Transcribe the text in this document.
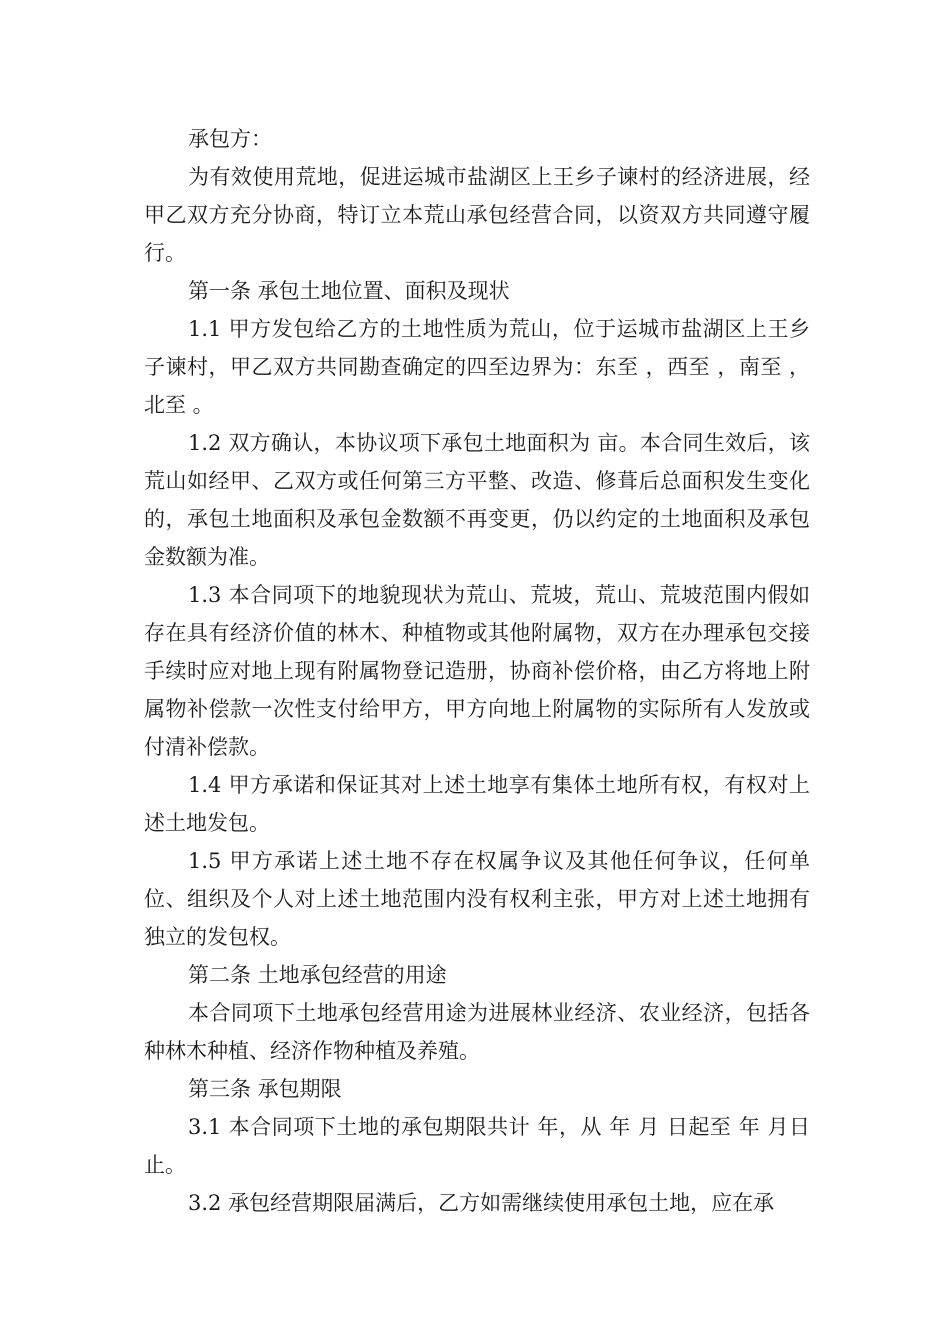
承包方：

为有效使用荒地，促进运城市盐湖区上王乡子谏村的经济进展，经甲乙双方充分协商，特订立本荒山承包经营合同，以资双方共同遵守履行。

第一条 承包土地位置、面积及现状

1.1 甲方发包给乙方的土地性质为荒山，位于运城市盐湖区上王乡子谏村，甲乙双方共同勘查确定的四至边界为：东至 ，西至 ，南至 ，北至 。

1.2 双方确认，本协议项下承包土地面积为 亩。本合同生效后，该荒山如经甲、乙双方或任何第三方平整、改造、修葺后总面积发生变化的，承包土地面积及承包金数额不再变更，仍以约定的土地面积及承包金数额为准。

1.3 本合同项下的地貌现状为荒山、荒坡，荒山、荒坡范围内假如存在具有经济价值的林木、种植物或其他附属物，双方在办理承包交接手续时应对地上现有附属物登记造册，协商补偿价格，由乙方将地上附属物补偿款一次性支付给甲方，甲方向地上附属物的实际所有人发放或付清补偿款。

1.4 甲方承诺和保证其对上述土地享有集体土地所有权，有权对上述土地发包。

1.5 甲方承诺上述土地不存在权属争议及其他任何争议，任何单位、组织及个人对上述土地范围内没有权利主张，甲方对上述土地拥有独立的发包权。

第二条 土地承包经营的用途

本合同项下土地承包经营用途为进展林业经济、农业经济，包括各种林木种植、经济作物种植及养殖。

第三条 承包期限

3.1 本合同项下土地的承包期限共计 年，从 年 月 日起至 年 月日止。

3.2 承包经营期限届满后，乙方如需继续使用承包土地，应在承
